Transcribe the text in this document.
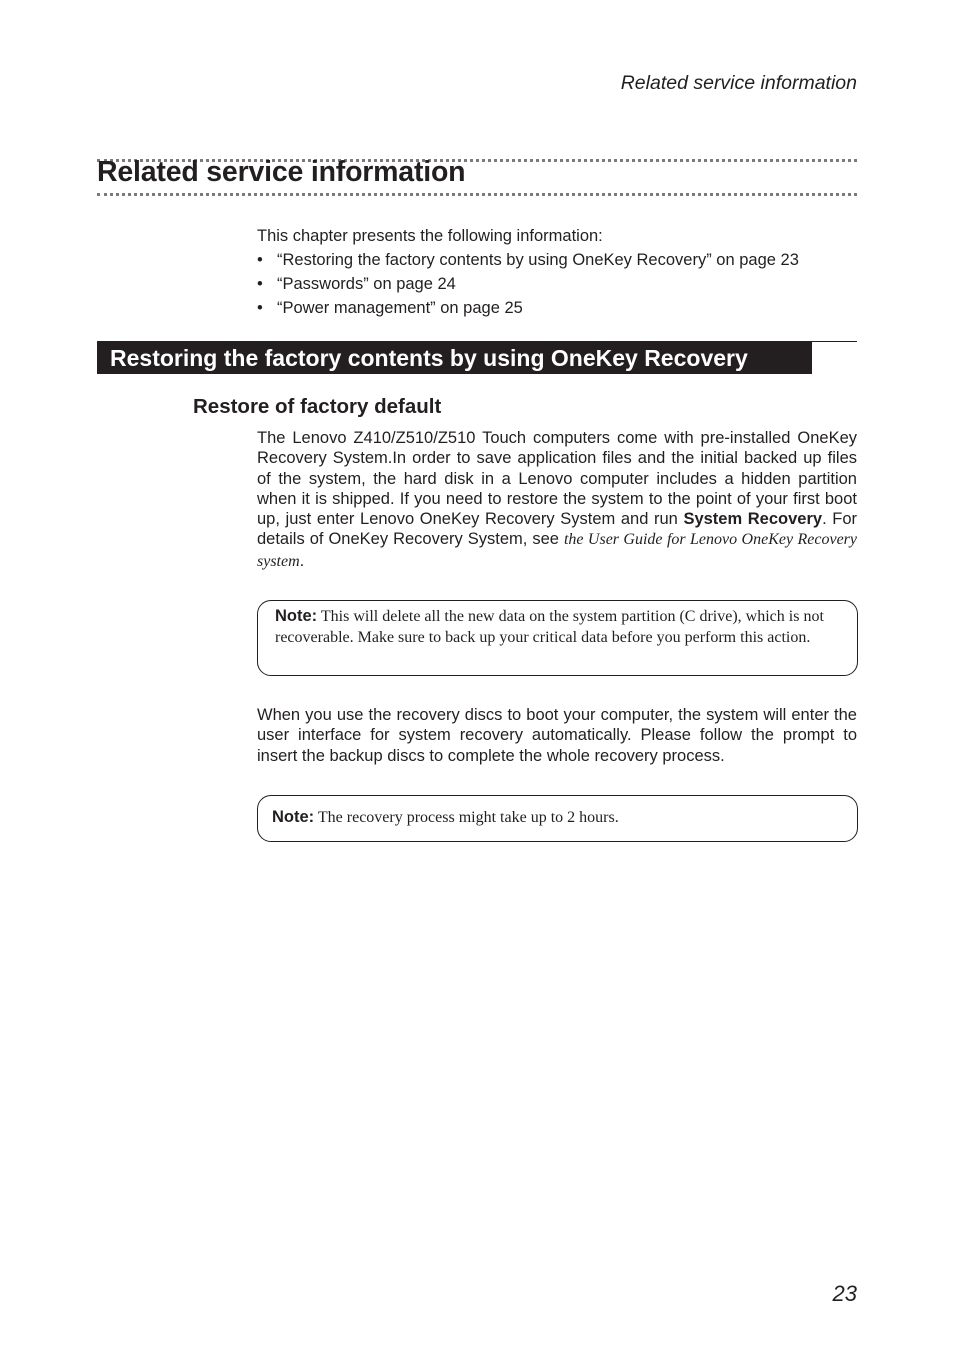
Related service information
Related service information
This chapter presents the following information:
• “Restoring the factory contents by using OneKey Recovery” on page 23
• “Passwords” on page 24
• “Power management” on page 25
Restoring the factory contents by using OneKey Recovery
Restore of factory default
The Lenovo Z410/Z510/Z510 Touch computers come with pre-installed OneKey Recovery System.In order to save application files and the initial backed up files of the system, the hard disk in a Lenovo computer includes a hidden partition when it is shipped. If you need to restore the system to the point of your first boot up, just enter Lenovo OneKey Recovery System and run System Recovery. For details of OneKey Recovery System, see the User Guide for Lenovo OneKey Recovery system.
Note: This will delete all the new data on the system partition (C drive), which is not recoverable. Make sure to back up your critical data before you perform this action.
When you use the recovery discs to boot your computer, the system will enter the user interface for system recovery automatically. Please follow the prompt to insert the backup discs to complete the whole recovery process.
Note: The recovery process might take up to 2 hours.
23
